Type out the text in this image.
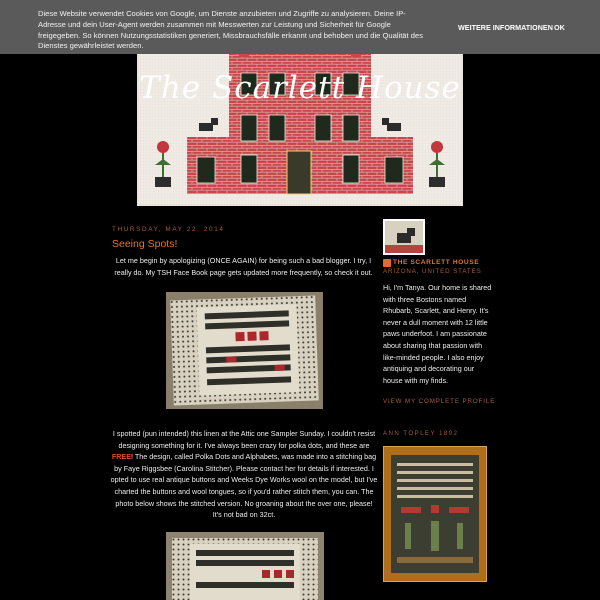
Diese Website verwendet Cookies von Google, um Dienste anzubieten und Zugriffe zu analysieren. Deine IP-Adresse und dein User-Agent werden zusammen mit Messwerten zur Leistung und Sicherheit für Google freigegeben. So können Nutzungsstatistiken generiert, Missbrauchsfälle erkannt und behoben und die Qualität des Dienstes gewährleistet werden.
WEITERE INFORMATIONEN OK
The Scarlett House
THURSDAY, MAY 22, 2014
Seeing Spots!
Let me begin by apologizing (ONCE AGAIN) for being such a bad blogger. I try, I really do. My TSH Face Book page gets updated more frequently, so check it out.
I spotted (pun intended) this linen at the Attic one Sampler Sunday. I couldn't resist designing something for it. I've always been crazy for polka dots, and these are FREE! The design, called Polka Dots and Alphabets, was made into a stitching bag by Faye Riggsbee (Carolina Stitcher). Please contact her for details if interested. I opted to use real antique buttons and Weeks Dye Works wool on the model, but I've charted the buttons and wool tongues, so if you'd rather stitch them, you can. The photo below shows the stitched version. No groaning about the over one, please! It's not bad on 32ct.
THE SCARLETT HOUSE
ARIZONA, UNITED STATES
Hi, I'm Tanya. Our home is shared with three Bostons named Rhubarb, Scarlett, and Henry. It's never a dull moment with 12 little paws underfoot. I am passionate about sharing that passion with like-minded people. I also enjoy antiquing and decorating our house with my finds.
VIEW MY COMPLETE PROFILE
ANN TOPLEY 1802
